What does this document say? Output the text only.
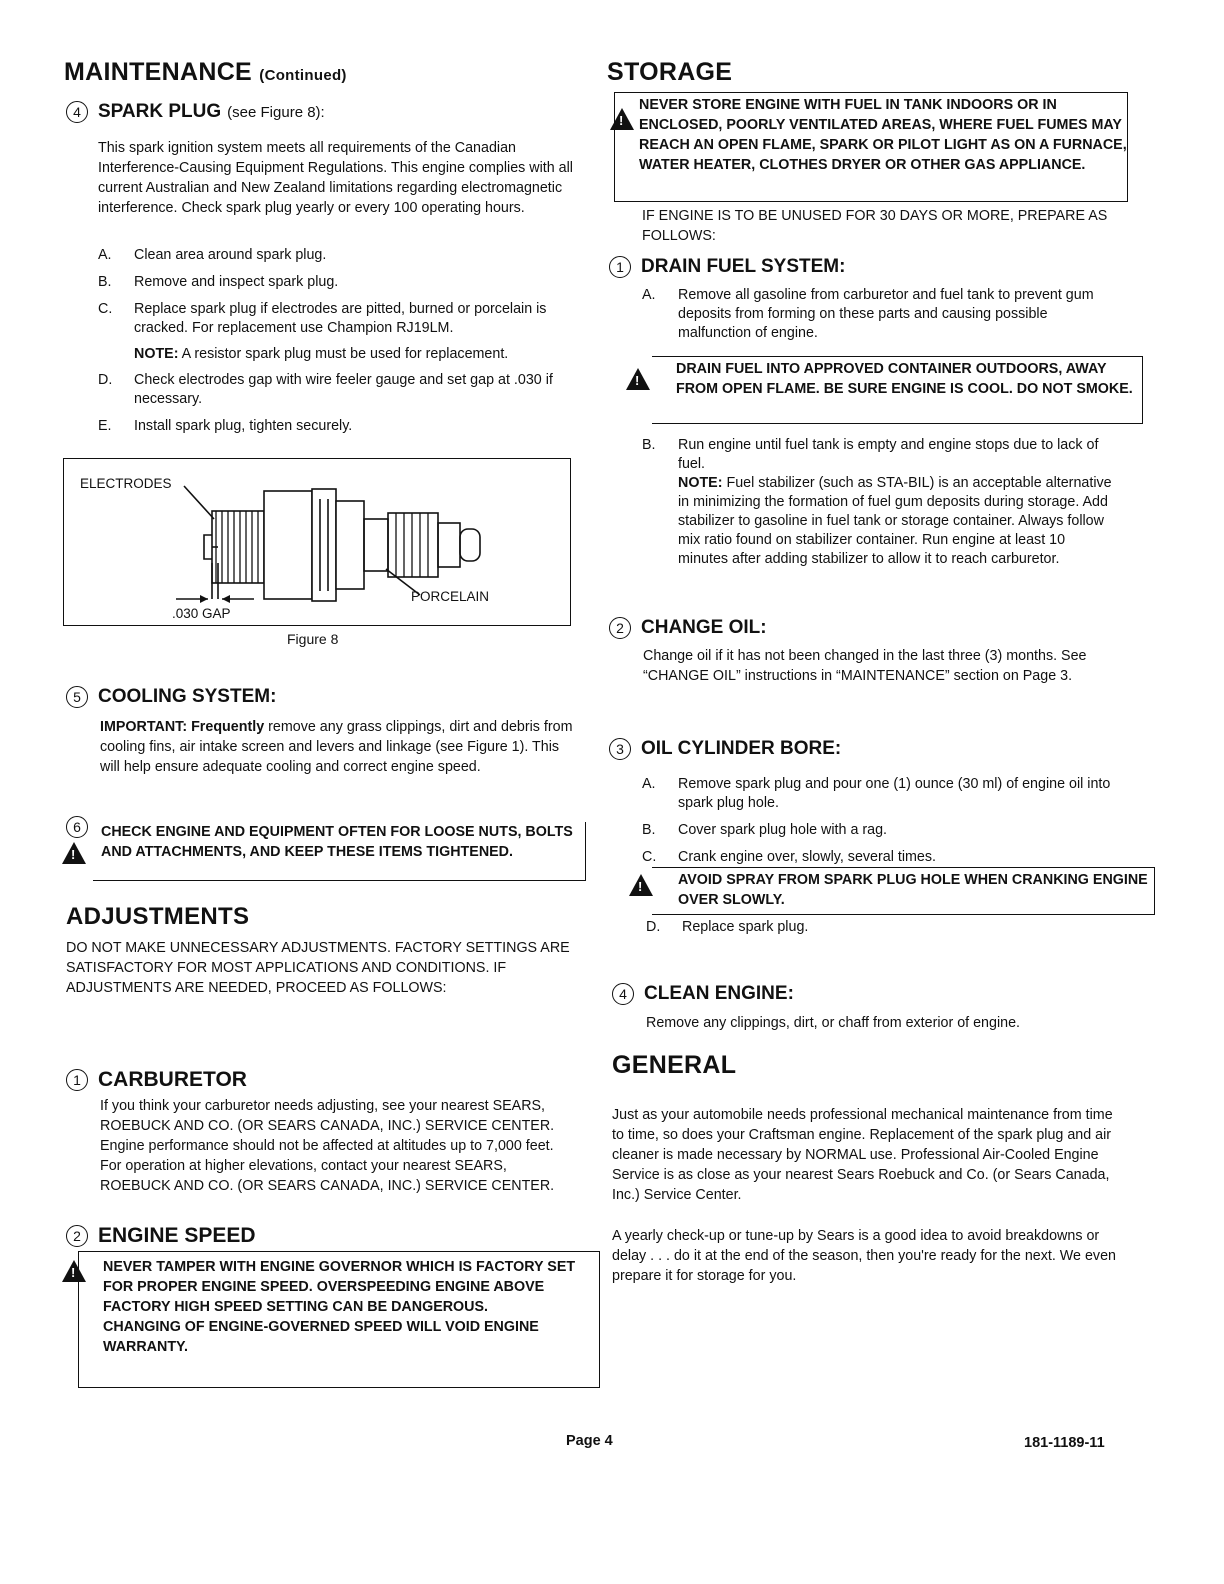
MAINTENANCE (Continued)
4 SPARK PLUG (see Figure 8):
This spark ignition system meets all requirements of the Canadian Interference-Causing Equipment Regulations. This engine complies with all current Australian and New Zealand limitations regarding electromagnetic interference. Check spark plug yearly or every 100 operating hours.
A.	Clean area around spark plug.
B.	Remove and inspect spark plug.
C.	Replace spark plug if electrodes are pitted, burned or porcelain is cracked. For replacement use Champion RJ19LM.
NOTE: A resistor spark plug must be used for replacement.
D.	Check electrodes gap with wire feeler gauge and set gap at .030 if necessary.
E.	Install spark plug, tighten securely.
ELECTRODES
PORCELAIN
.030 GAP
Figure 8
5 COOLING SYSTEM:
IMPORTANT: Frequently remove any grass clippings, dirt and debris from cooling fins, air intake screen and levers and linkage (see Figure 1). This will help ensure adequate cooling and correct engine speed.
6
!	CHECK ENGINE AND EQUIPMENT OFTEN FOR LOOSE NUTS, BOLTS AND ATTACHMENTS, AND KEEP THESE ITEMS TIGHTENED.
ADJUSTMENTS
DO NOT MAKE UNNECESSARY ADJUSTMENTS. FACTORY SETTINGS ARE SATISFACTORY FOR MOST APPLICATIONS AND CONDITIONS. IF ADJUSTMENTS ARE NEEDED, PROCEED AS FOLLOWS:
1 CARBURETOR
If you think your carburetor needs adjusting, see your nearest SEARS, ROEBUCK AND CO. (OR SEARS CANADA, INC.) SERVICE CENTER. Engine performance should not be affected at altitudes up to 7,000 feet. For operation at higher elevations, contact your nearest SEARS, ROEBUCK AND CO. (OR SEARS CANADA, INC.) SERVICE CENTER.
2 ENGINE SPEED
!
NEVER TAMPER WITH ENGINE GOVERNOR WHICH IS FACTORY SET FOR PROPER ENGINE SPEED. OVERSPEEDING ENGINE ABOVE FACTORY HIGH SPEED SETTING CAN BE DANGEROUS.
CHANGING OF ENGINE-GOVERNED SPEED WILL VOID ENGINE WARRANTY.
STORAGE
!
NEVER STORE ENGINE WITH FUEL IN TANK INDOORS OR IN ENCLOSED, POORLY VENTILATED AREAS, WHERE FUEL FUMES MAY REACH AN OPEN FLAME, SPARK OR PILOT LIGHT AS ON A FURNACE, WATER HEATER, CLOTHES DRYER OR OTHER GAS APPLIANCE.
IF ENGINE IS TO BE UNUSED FOR 30 DAYS OR MORE, PREPARE AS FOLLOWS:
1 DRAIN FUEL SYSTEM:
A.	Remove all gasoline from carburetor and fuel tank to prevent gum deposits from forming on these parts and causing possible malfunction of engine.
!
DRAIN FUEL INTO APPROVED CONTAINER OUTDOORS, AWAY FROM OPEN FLAME. BE SURE ENGINE IS COOL. DO NOT SMOKE.
B.	Run engine until fuel tank is empty and engine stops due to lack of fuel.
NOTE: Fuel stabilizer (such as STA-BIL) is an acceptable alternative in minimizing the formation of fuel gum deposits during storage. Add stabilizer to gasoline in fuel tank or storage container. Always follow mix ratio found on stabilizer container. Run engine at least 10 minutes after adding stabilizer to allow it to reach carburetor.
2 CHANGE OIL:
Change oil if it has not been changed in the last three (3) months. See “CHANGE OIL” instructions in “MAINTENANCE” section on Page 3.
3 OIL CYLINDER BORE:
A.	Remove spark plug and pour one (1) ounce (30 ml) of engine oil into spark plug hole.
B.	Cover spark plug hole with a rag.
C.	Crank engine over, slowly, several times.
!
AVOID SPRAY FROM SPARK PLUG HOLE WHEN CRANKING ENGINE OVER SLOWLY.
D.	Replace spark plug.
4 CLEAN ENGINE:
Remove any clippings, dirt, or chaff from exterior of engine.
GENERAL
Just as your automobile needs professional mechanical maintenance from time to time, so does your Craftsman engine. Replacement of the spark plug and air cleaner is made necessary by NORMAL use. Professional Air-Cooled Engine Service is as close as your nearest Sears Roebuck and Co. (or Sears Canada, Inc.) Service Center.
A yearly check-up or tune-up by Sears is a good idea to avoid breakdowns or delay . . . do it at the end of the season, then you're ready for the next. We even prepare it for storage for you.
Page 4	181-1189-11
